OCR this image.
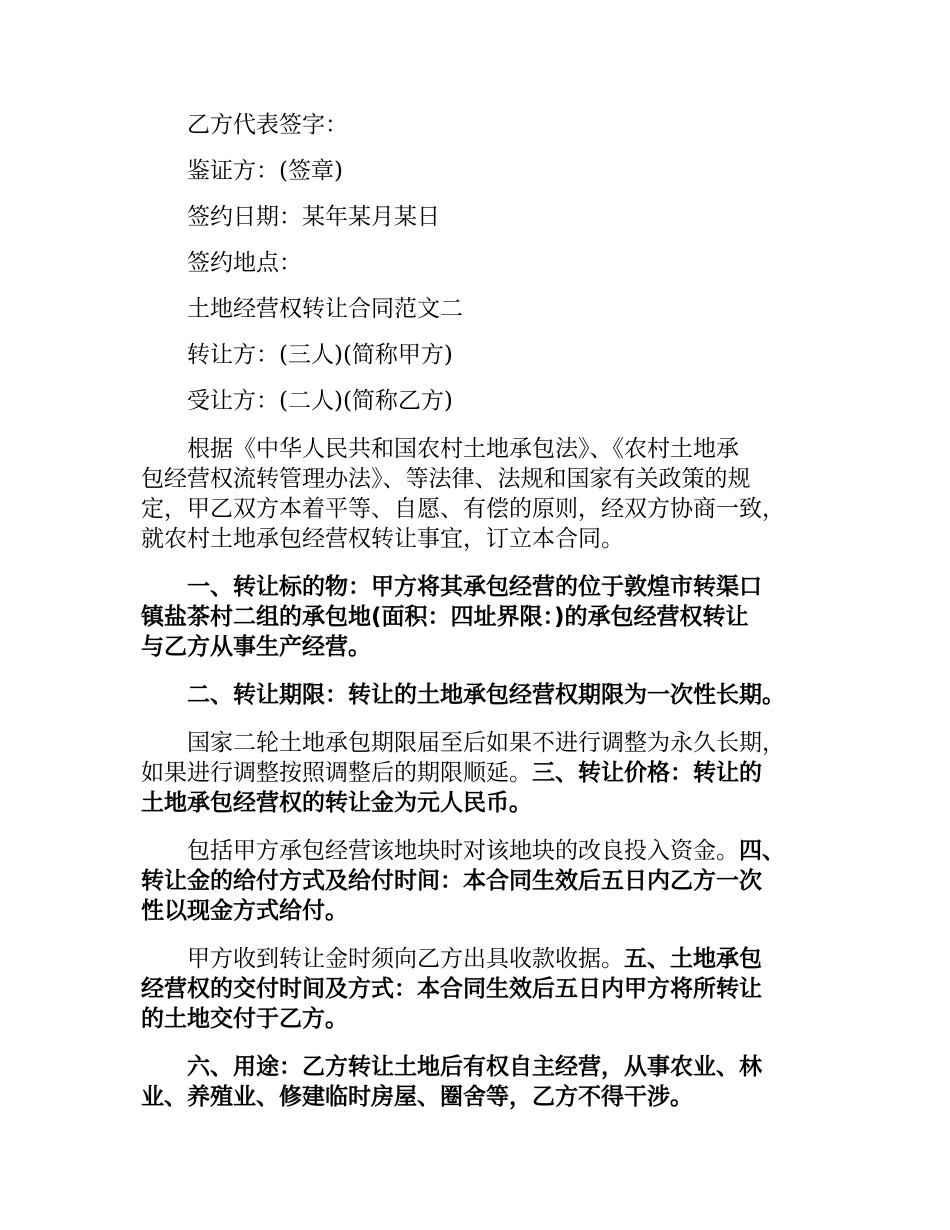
乙方代表签字：

鉴证方：(签章)

签约日期：某年某月某日

签约地点：

土地经营权转让合同范文二

转让方：(三人)(简称甲方)

受让方：(二人)(简称乙方)

根据《中华人民共和国农村土地承包法》、《农村土地承
包经营权流转管理办法》、等法律、法规和国家有关政策的规
定，甲乙双方本着平等、自愿、有偿的原则，经双方协商一致，
就农村土地承包经营权转让事宜，订立本合同。
一、转让标的物：甲方将其承包经营的位于敦煌市转渠口
镇盐茶村二组的承包地(面积：四址界限：)的承包经营权转让
与乙方从事生产经营。
二、转让期限：转让的土地承包经营权期限为一次性长期。
国家二轮土地承包期限届至后如果不进行调整为永久长期，
如果进行调整按照调整后的期限顺延。三、转让价格：转让的
土地承包经营权的转让金为元人民币。
包括甲方承包经营该地块时对该地块的改良投入资金。四、
转让金的给付方式及给付时间：本合同生效后五日内乙方一次
性以现金方式给付。
甲方收到转让金时须向乙方出具收款收据。五、土地承包
经营权的交付时间及方式：本合同生效后五日内甲方将所转让
的土地交付于乙方。
六、用途：乙方转让土地后有权自主经营，从事农业、林
业、养殖业、修建临时房屋、圈舍等，乙方不得干涉。
